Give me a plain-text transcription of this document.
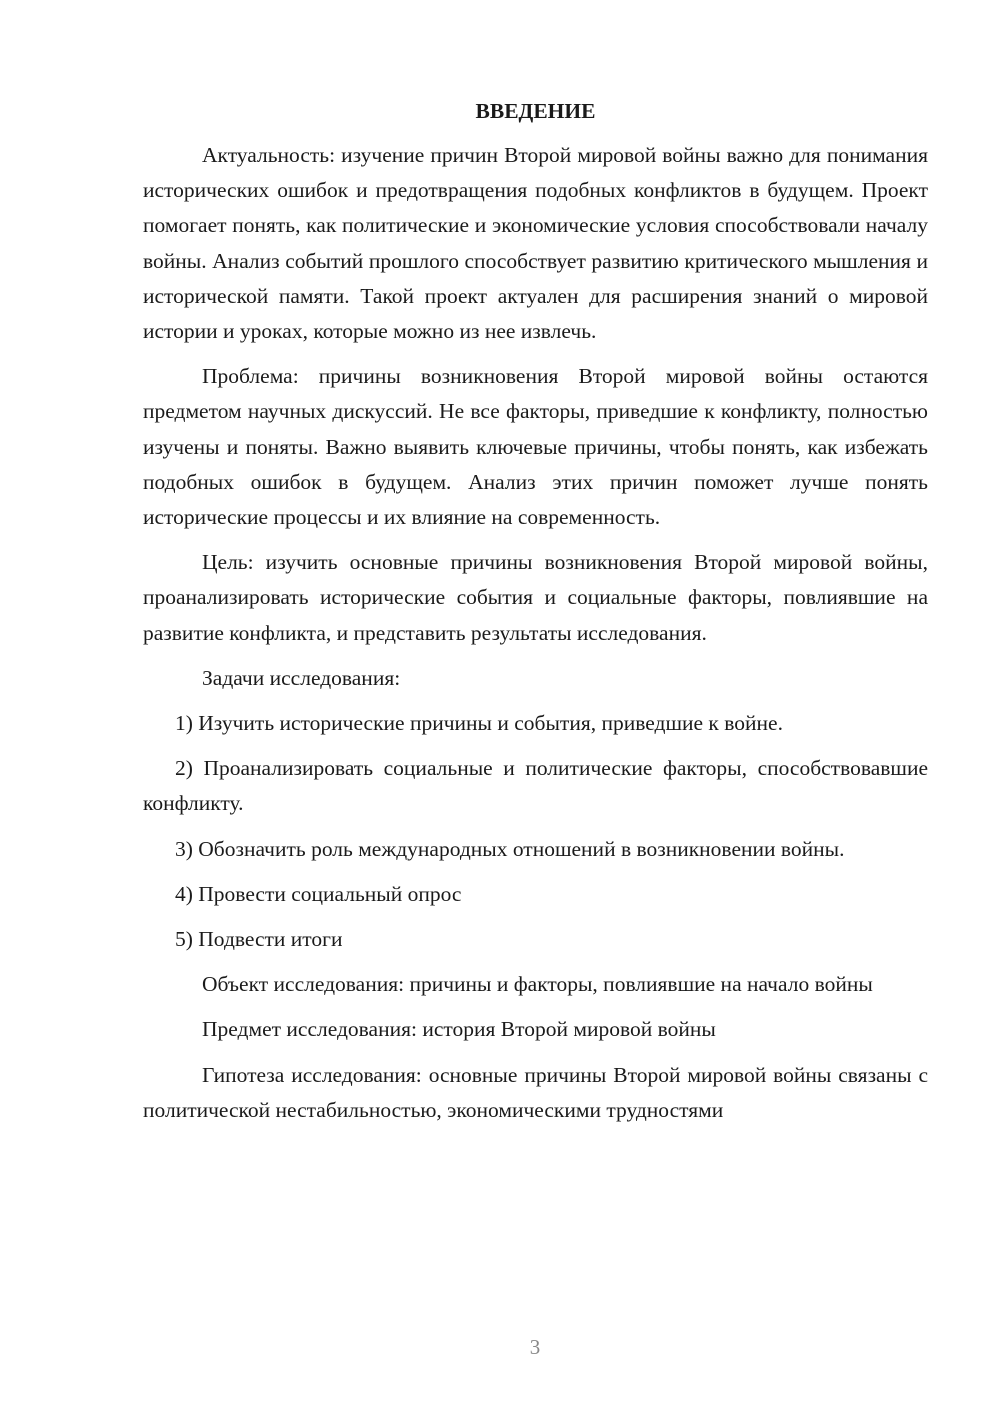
ВВЕДЕНИЕ

Актуальность: изучение причин Второй мировой войны важно для понимания исторических ошибок и предотвращения подобных конфликтов в будущем. Проект помогает понять, как политические и экономические условия способствовали началу войны. Анализ событий прошлого способствует развитию критического мышления и исторической памяти. Такой проект актуален для расширения знаний о мировой истории и уроках, которые можно из нее извлечь.

Проблема: причины возникновения Второй мировой войны остаются предметом научных дискуссий. Не все факторы, приведшие к конфликту, полностью изучены и поняты. Важно выявить ключевые причины, чтобы понять, как избежать подобных ошибок в будущем. Анализ этих причин поможет лучше понять исторические процессы и их влияние на современность.

Цель: изучить основные причины возникновения Второй мировой войны, проанализировать исторические события и социальные факторы, повлиявшие на развитие конфликта, и представить результаты исследования.

Задачи исследования:

1) Изучить исторические причины и события, приведшие к войне.

2) Проанализировать социальные и политические факторы, способствовавшие конфликту.

3) Обозначить роль международных отношений в возникновении войны.

4) Провести социальный опрос

5) Подвести итоги

Объект исследования: причины и факторы, повлиявшие на начало войны

Предмет исследования: история Второй мировой войны

Гипотеза исследования: основные причины Второй мировой войны связаны с политической нестабильностью, экономическими трудностями

3
